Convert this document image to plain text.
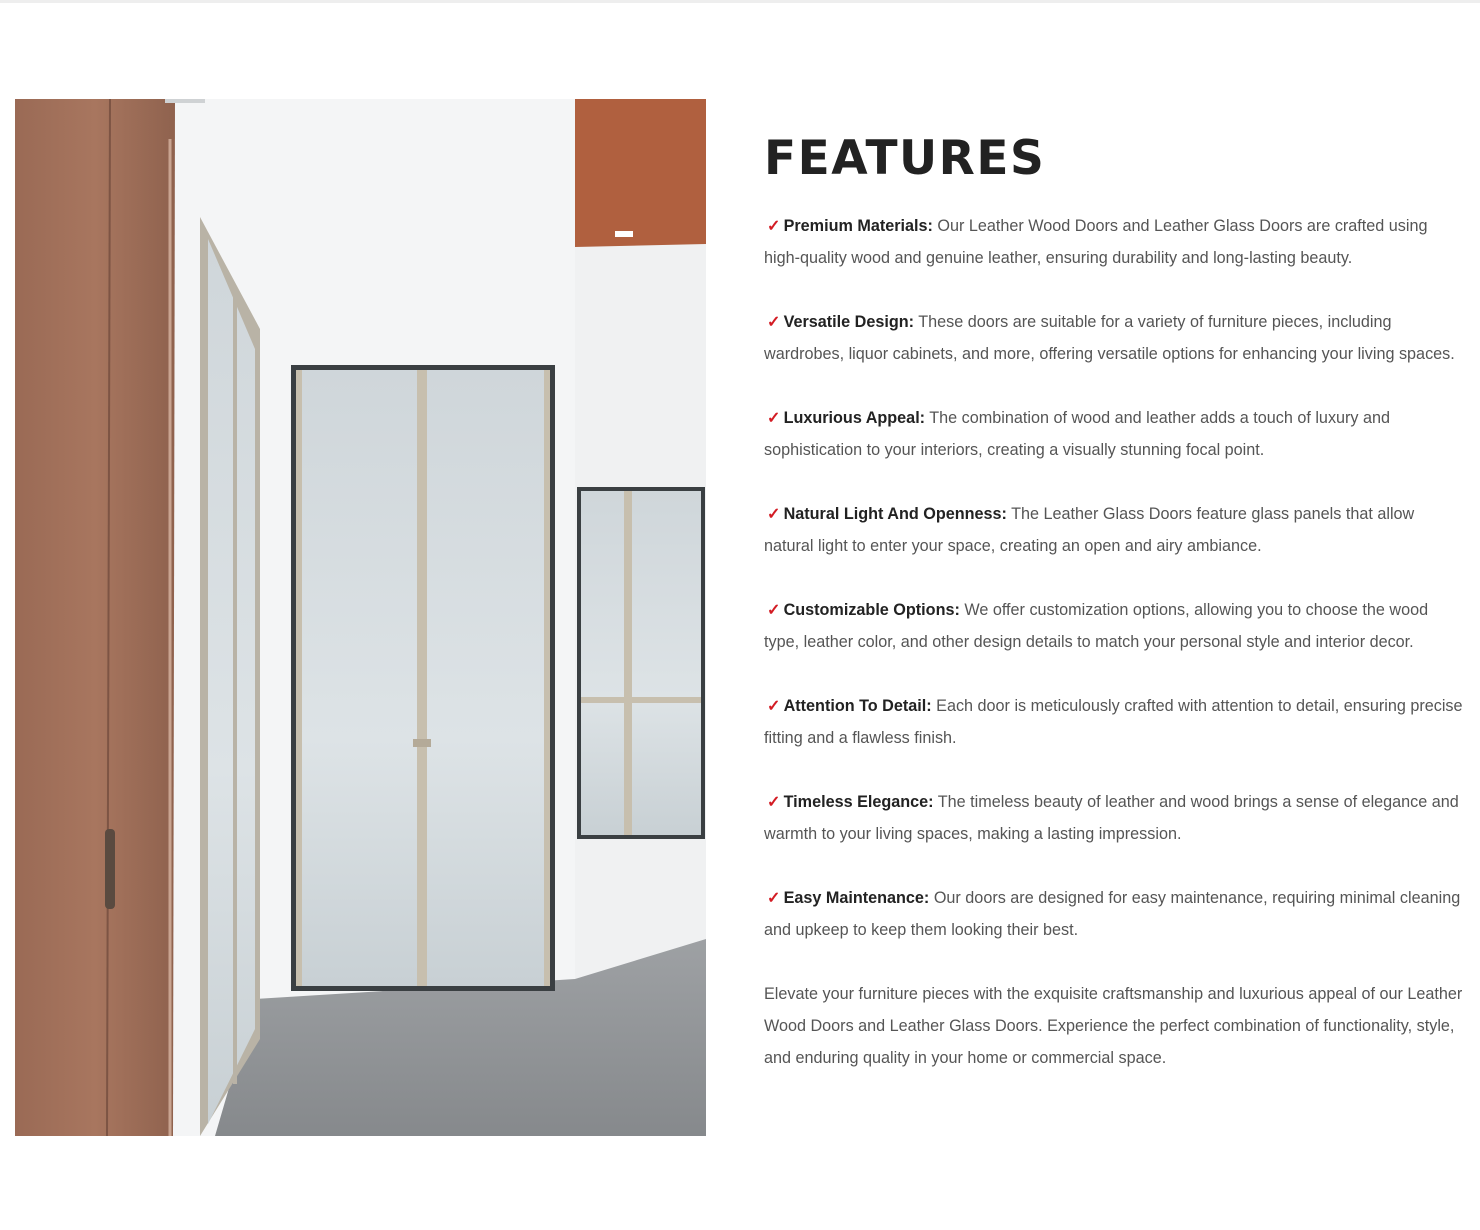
FEATURES

✓ Premium Materials: Our Leather Wood Doors and Leather Glass Doors are crafted using high-quality wood and genuine leather, ensuring durability and long-lasting beauty.

✓ Versatile Design: These doors are suitable for a variety of furniture pieces, including wardrobes, liquor cabinets, and more, offering versatile options for enhancing your living spaces.

✓ Luxurious Appeal: The combination of wood and leather adds a touch of luxury and sophistication to your interiors, creating a visually stunning focal point.

✓ Natural Light And Openness: The Leather Glass Doors feature glass panels that allow natural light to enter your space, creating an open and airy ambiance.

✓ Customizable Options: We offer customization options, allowing you to choose the wood type, leather color, and other design details to match your personal style and interior decor.

✓ Attention To Detail: Each door is meticulously crafted with attention to detail, ensuring precise fitting and a flawless finish.

✓ Timeless Elegance: The timeless beauty of leather and wood brings a sense of elegance and warmth to your living spaces, making a lasting impression.

✓ Easy Maintenance: Our doors are designed for easy maintenance, requiring minimal cleaning and upkeep to keep them looking their best.

Elevate your furniture pieces with the exquisite craftsmanship and luxurious appeal of our Leather Wood Doors and Leather Glass Doors. Experience the perfect combination of functionality, style, and enduring quality in your home or commercial space.
